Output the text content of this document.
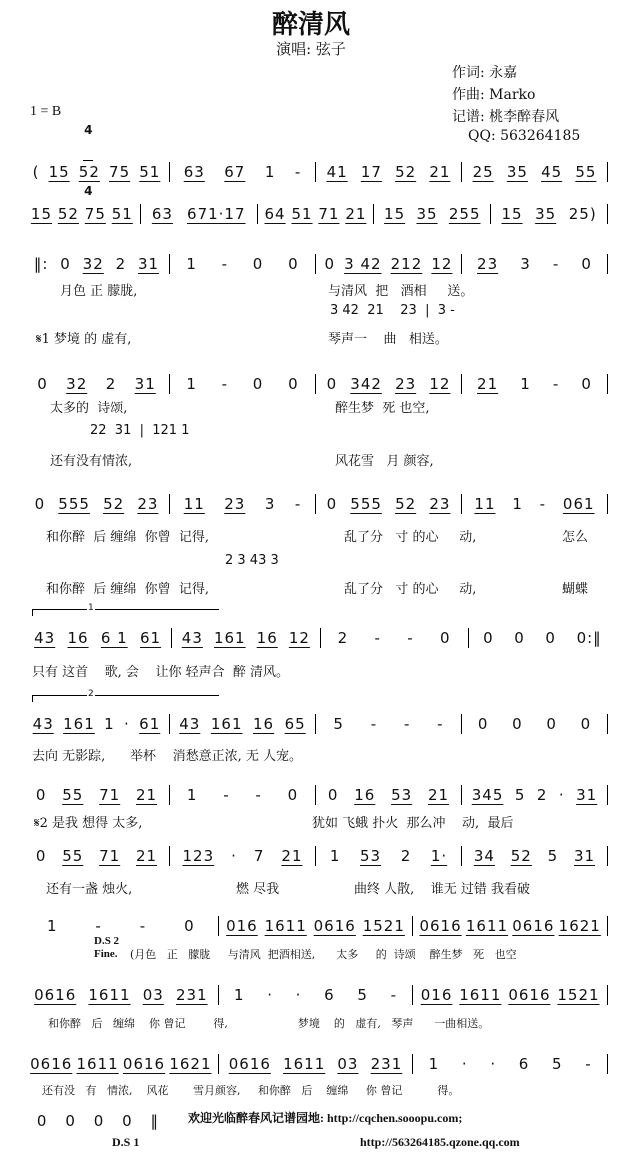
醉清风
演唱: 弦子
作词: 永嘉
作曲: Marko
记谱: 桃李醉春风
QQ: 563264185
1 = B

4

4

( 15 52 75 51 63 67 1 - 41 17 52 21 25 35 45 55
15 52 75 51 63 671·17 64 51 71 21 15 35 255 15 35 25)
‖: 0 32 2 31 1 - 0 0 0 3 42 212 12 23 3 - 0
0 32 2 31 1 - 0 0 0 342 23 12 21 1 - 0
0 555 52 23 11 23 3 - 0 555 52 23 11 1 - 061
43 16 6 1 61 43 161 16 12 2 - - 0 0 0 0 0:‖
43 161 1 · 61 43 161 16 65 5 - - - 0 0 0 0
0 55 71 21 1 - - 0 0 16 53 21 345 5 2 · 31
0 55 71 21 123 · 7 21 1 53 2 1· 34 52 5 31
1	-	-	0 016 1611 0616 1521 0616 1611 0616 1621
0616 1611 03 231 1 · · 6 5 - 016 1611 0616 1521
0616 1611 0616 1621 0616 1611 03 231 1 · · 6 5 -
0 0 0 0 ‖
3 42  21    23  |  3 -
22  31  |  121 1
2 3 43 3
月色 正 朦胧,	与清风  把   酒相     送。
𝄋1 梦境 的 虚有,	琴声一    曲   相送。
太多的  诗颂,	醉生梦  死 也空,
还有没有情浓,	风花雪   月 颜容,
和你醉  后 缠绵  你曾  记得,	乱了分   寸 的心     动,	怎么
和你醉  后 缠绵  你曾  记得,	乱了分   寸 的心     动,	蝴蝶
1
只有 这首    歌, 会    让你 轻声合  醉 清风。
2
去向 无影踪,      举杯    消愁意正浓, 无 人宠。
𝄋2 是我 想得 太多,	犹如 飞蛾 扑火  那么冲    动,  最后
还有一盏 烛火,	燃 尽我	曲终 人散,    谁无 过错 我看破
D.S 2
Fine. (月色   正   朦胧     与清风  把酒相送,      太多     的  诗颂    醉生梦   死   也空
和你醉   后   缠绵    你 曾记        得,                    梦境    的   虚有,   琴声      一曲相送。
还有没   有   情浓,    风花       雪月颜容,     和你醉   后    缠绵     你 曾记          得。
D.S 1
欢迎光临醉春风记谱园地: http://cqchen.sooopu.com;
http://563264185.qzone.qq.com
